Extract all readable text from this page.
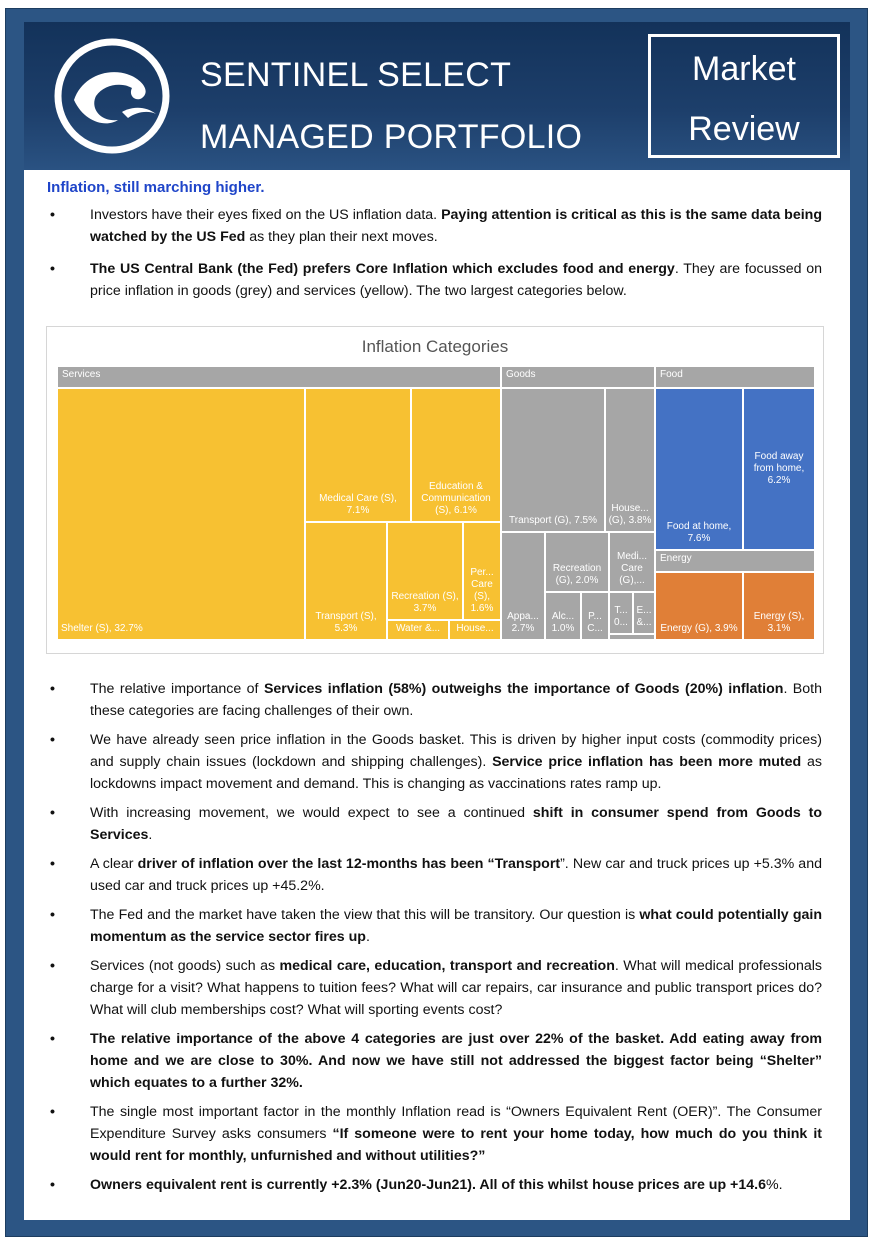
SENTINEL SELECT
MANAGED PORTFOLIO
Market
Review
Inflation, still marching higher.
• Investors have their eyes fixed on the US inflation data. Paying attention is critical as this is the same data being watched by the US Fed as they plan their next moves.
• The US Central Bank (the Fed) prefers Core Inflation which excludes food and energy. They are focussed on price inflation in goods (grey) and services (yellow). The two largest categories below.
Inflation Categories
Services	Goods	Food
Shelter (S), 32.7%
Medical Care (S), 7.1%
Education & Communication (S), 6.1%
Transport (S), 5.3%
Recreation (S), 3.7%
Per... Care (S), 1.6%
Water &...	House...
Transport (G), 7.5%
House... (G), 3.8%
Appa... 2.7%
Recreation (G), 2.0%
Medi... Care (G),...
Alc... 1.0%
P... C...
T... 0...
E... &...
Food at home, 7.6%
Food away from home, 6.2%
Energy
Energy (G), 3.9%
Energy (S), 3.1%
• The relative importance of Services inflation (58%) outweighs the importance of Goods (20%) inflation. Both these categories are facing challenges of their own.
• We have already seen price inflation in the Goods basket. This is driven by higher input costs (commodity prices) and supply chain issues (lockdown and shipping challenges). Service price inflation has been more muted as lockdowns impact movement and demand. This is changing as vaccinations rates ramp up.
• With increasing movement, we would expect to see a continued shift in consumer spend from Goods to Services.
• A clear driver of inflation over the last 12-months has been “Transport”. New car and truck prices up +5.3% and used car and truck prices up +45.2%.
• The Fed and the market have taken the view that this will be transitory. Our question is what could potentially gain momentum as the service sector fires up.
• Services (not goods) such as medical care, education, transport and recreation. What will medical professionals charge for a visit? What happens to tuition fees? What will car repairs, car insurance and public transport prices do? What will club memberships cost? What will sporting events cost?
• The relative importance of the above 4 categories are just over 22% of the basket. Add eating away from home and we are close to 30%. And now we have still not addressed the biggest factor being “Shelter” which equates to a further 32%.
• The single most important factor in the monthly Inflation read is “Owners Equivalent Rent (OER)”. The Consumer Expenditure Survey asks consumers “If someone were to rent your home today, how much do you think it would rent for monthly, unfurnished and without utilities?”
• Owners equivalent rent is currently +2.3% (Jun20-Jun21). All of this whilst house prices are up +14.6%.
